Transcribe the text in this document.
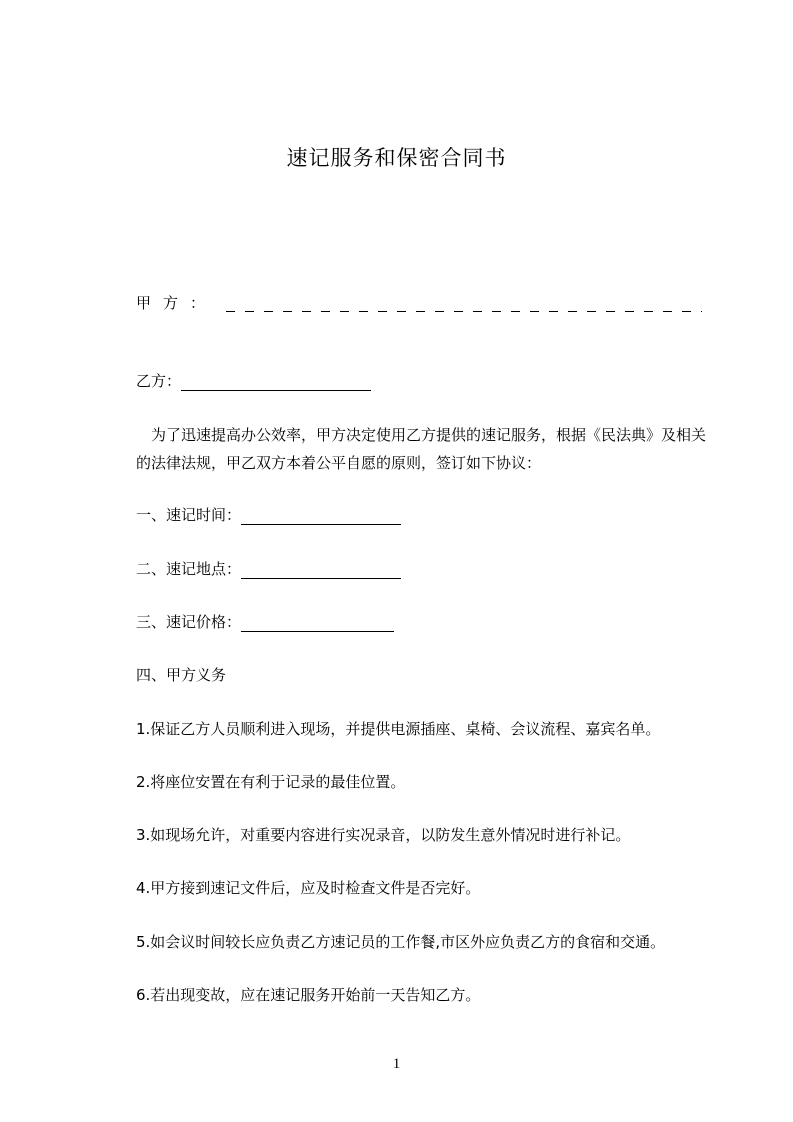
速记服务和保密合同书
甲方：
乙方：
为了迅速提高办公效率，甲方决定使用乙方提供的速记服务，根据《民法典》及相关的法律法规，甲乙双方本着公平自愿的原则，签订如下协议：
一、速记时间：
二、速记地点：
三、速记价格：
四、甲方义务
1.保证乙方人员顺利进入现场，并提供电源插座、桌椅、会议流程、嘉宾名单。
2.将座位安置在有利于记录的最佳位置。
3.如现场允许，对重要内容进行实况录音，以防发生意外情况时进行补记。
4.甲方接到速记文件后，应及时检查文件是否完好。
5.如会议时间较长应负责乙方速记员的工作餐,市区外应负责乙方的食宿和交通。
6.若出现变故，应在速记服务开始前一天告知乙方。
1
